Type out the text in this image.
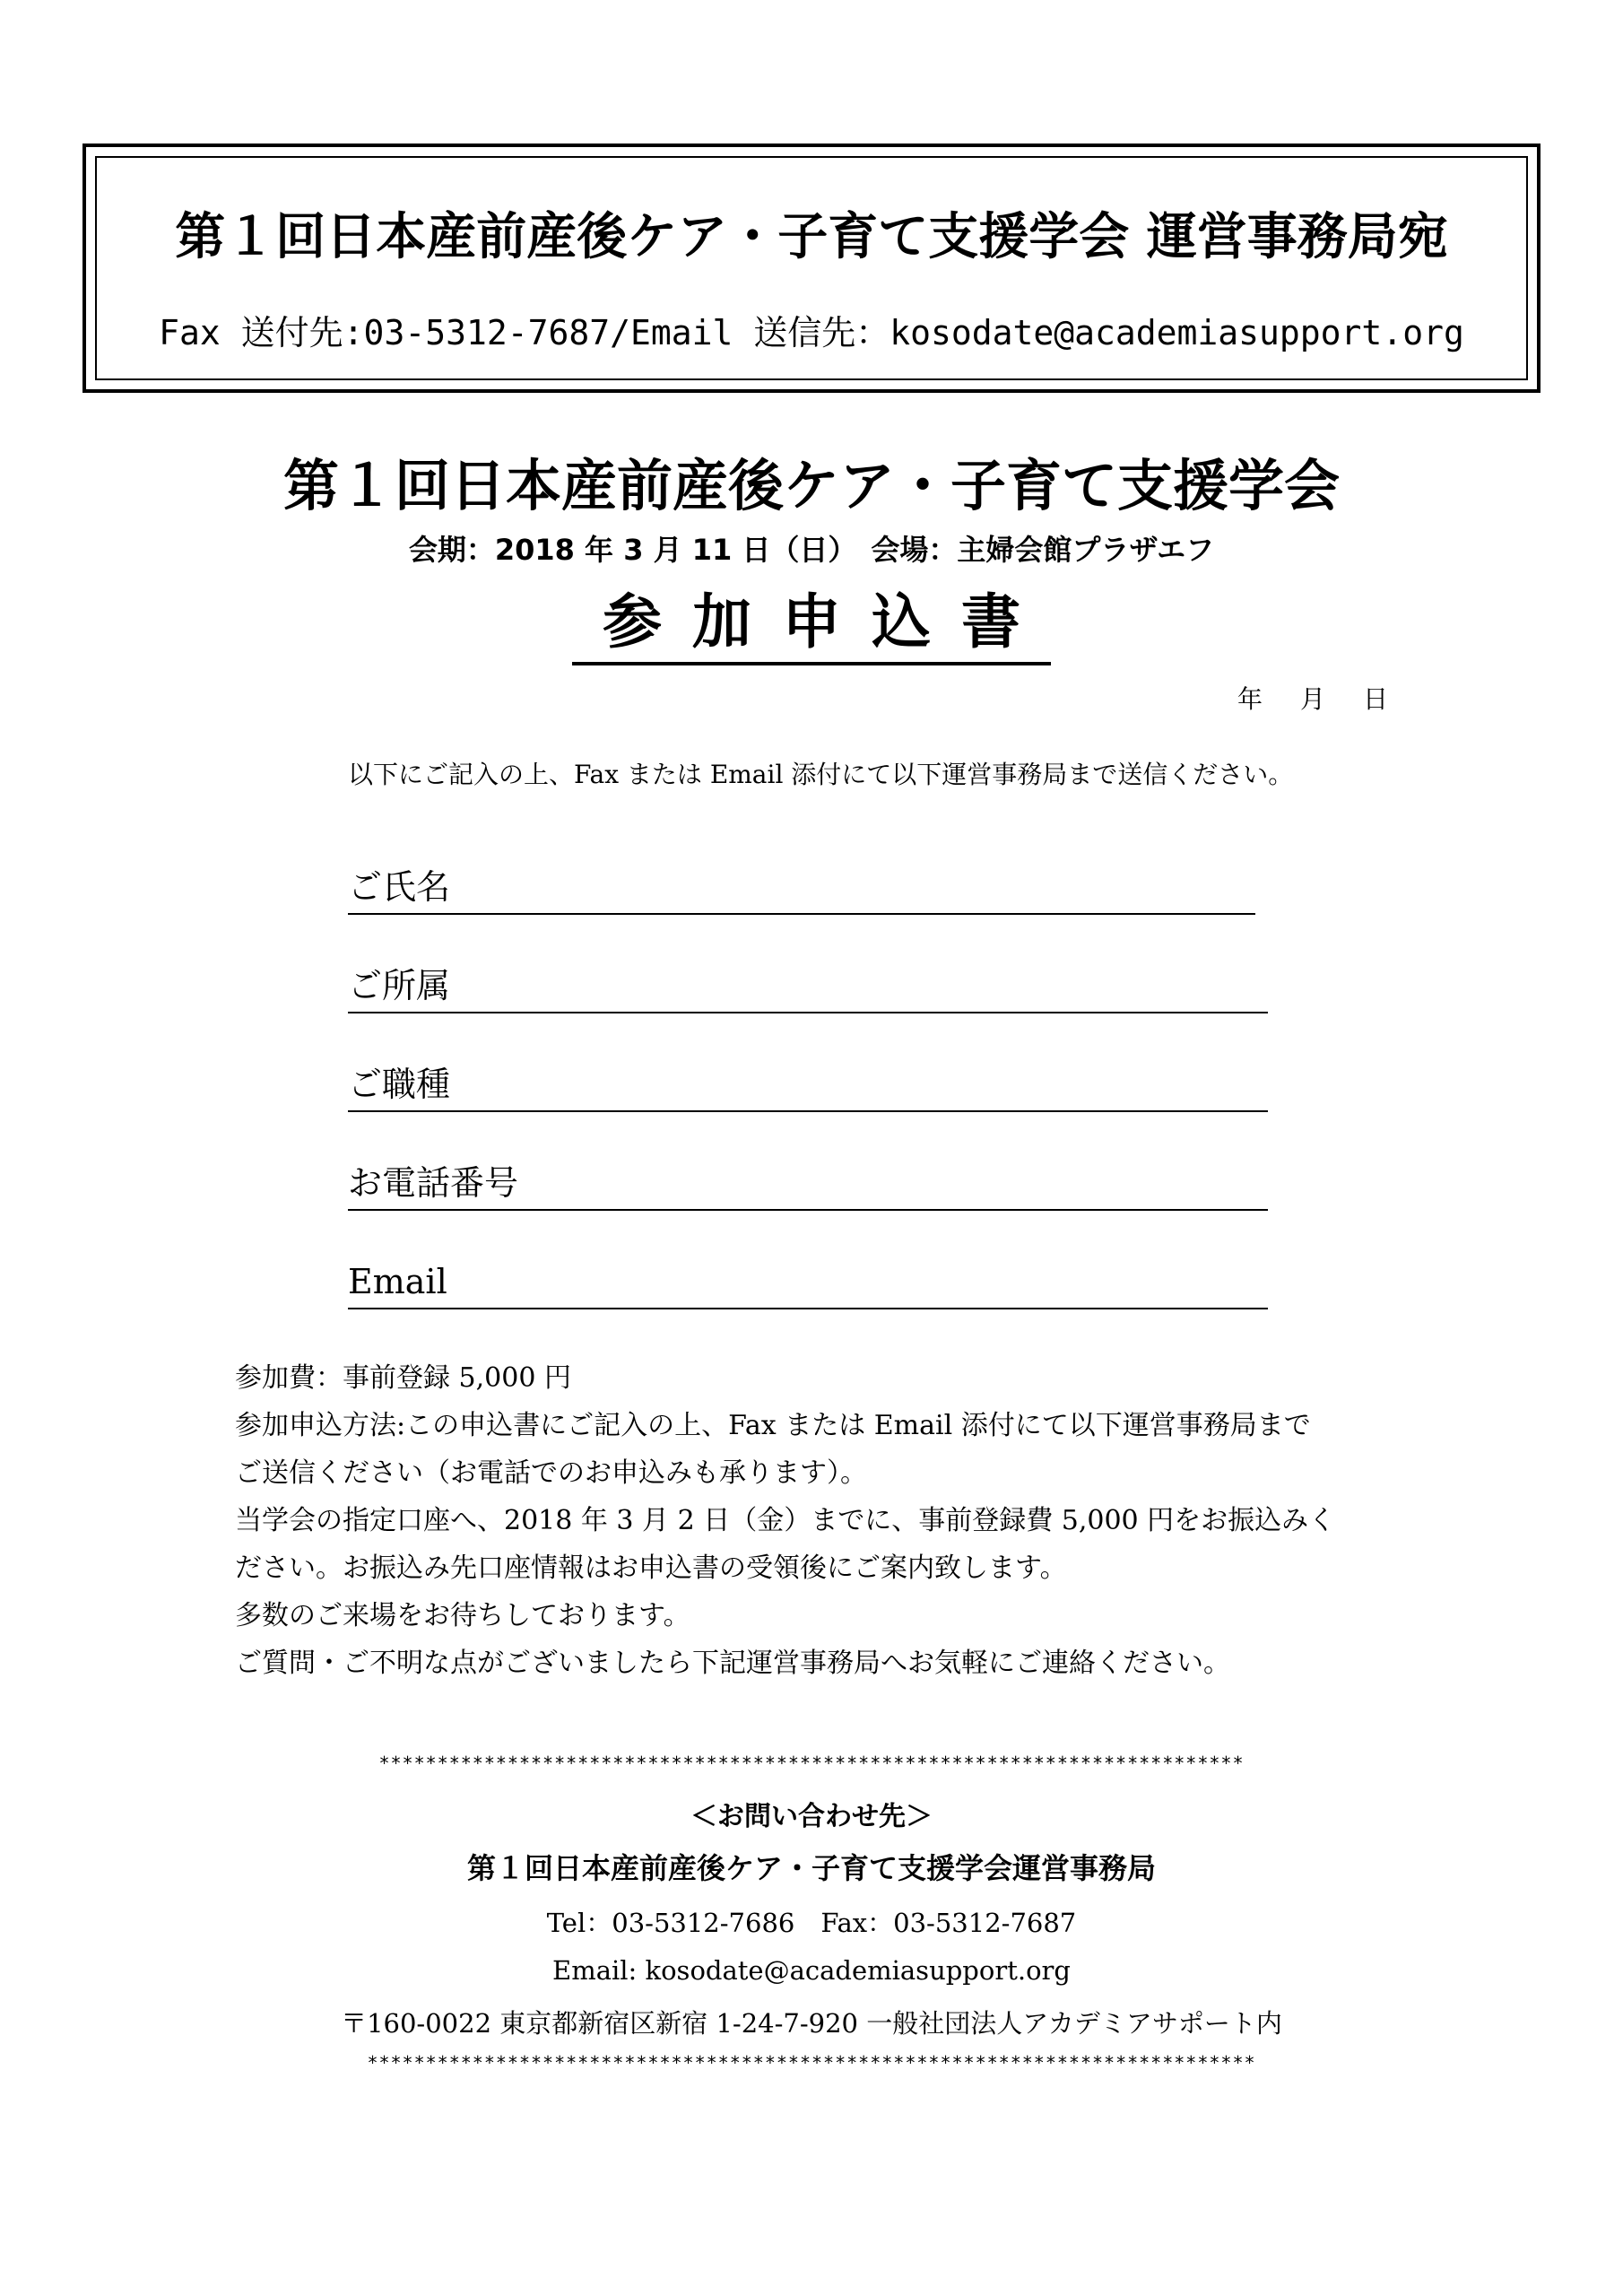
第１回日本産前産後ケア・子育て支援学会 運営事務局宛
Fax 送付先:03-5312-7687/Email 送信先：kosodate@academiasupport.org
第１回日本産前産後ケア・子育て支援学会
会期：2018 年 3 月 11 日（日）　会場：主婦会館プラザエフ
参加申込書
年 月 日
以下にご記入の上、Fax または Email 添付にて以下運営事務局まで送信ください。
ご氏名
ご所属
ご職種
お電話番号
Email
参加費：事前登録 5,000 円
参加申込方法:この申込書にご記入の上、Fax または Email 添付にて以下運営事務局まで
ご送信ください（お電話でのお申込みも承ります）。
当学会の指定口座へ、2018 年 3 月 2 日（金）までに、事前登録費 5,000 円をお振込みく
ださい。お振込み先口座情報はお申込書の受領後にご案内致します。
多数のご来場をお待ちしております。
ご質問・ご不明な点がございましたら下記運営事務局へお気軽にご連絡ください。
**************************************************************************
＜お問い合わせ先＞
第１回日本産前産後ケア・子育て支援学会運営事務局
Tel：03-5312-7686　Fax：03-5312-7687
Email: kosodate@academiasupport.org
〒160-0022 東京都新宿区新宿 1-24-7-920 一般社団法人アカデミアサポート内
****************************************************************************
